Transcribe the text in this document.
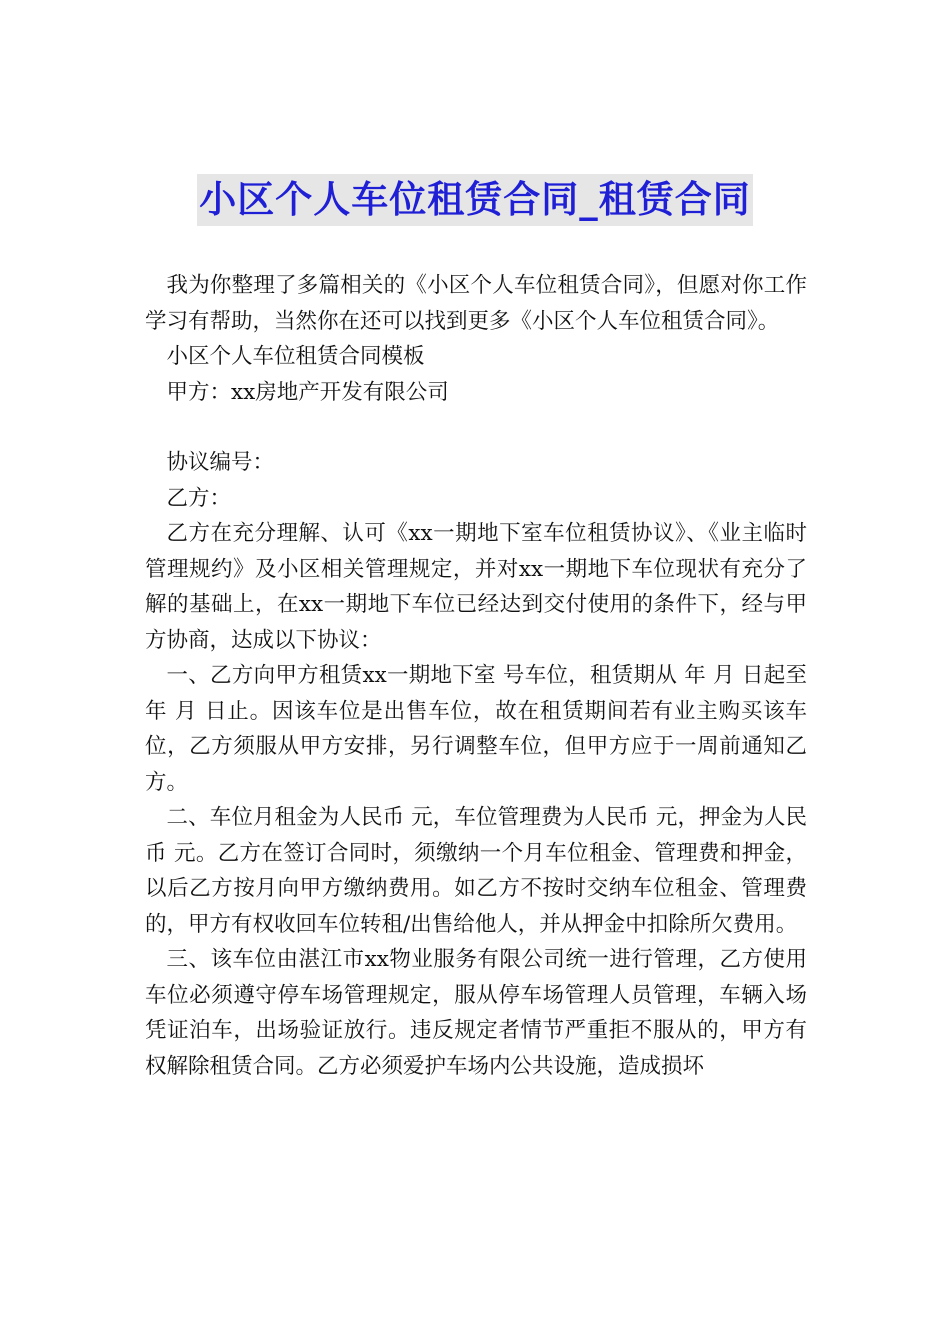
小区个人车位租赁合同_租赁合同

我为你整理了多篇相关的《小区个人车位租赁合同》，但愿对你工作学习有帮助，当然你在还可以找到更多《小区个人车位租赁合同》。

小区个人车位租赁合同模板

甲方：xx房地产开发有限公司

协议编号：

乙方：

乙方在充分理解、认可《xx一期地下室车位租赁协议》、《业主临时管理规约》及小区相关管理规定，并对xx一期地下车位现状有充分了解的基础上，在xx一期地下车位已经达到交付使用的条件下，经与甲方协商，达成以下协议：

一、乙方向甲方租赁xx一期地下室 号车位，租赁期从 年 月 日起至 年 月 日止。因该车位是出售车位，故在租赁期间若有业主购买该车位，乙方须服从甲方安排，另行调整车位，但甲方应于一周前通知乙方。

二、车位月租金为人民币 元，车位管理费为人民币 元，押金为人民币 元。乙方在签订合同时，须缴纳一个月车位租金、管理费和押金，以后乙方按月向甲方缴纳费用。如乙方不按时交纳车位租金、管理费的，甲方有权收回车位转租/出售给他人，并从押金中扣除所欠费用。

三、该车位由湛江市xx物业服务有限公司统一进行管理，乙方使用车位必须遵守停车场管理规定，服从停车场管理人员管理，车辆入场凭证泊车，出场验证放行。违反规定者情节严重拒不服从的，甲方有权解除租赁合同。乙方必须爱护车场内公共设施，造成损坏
